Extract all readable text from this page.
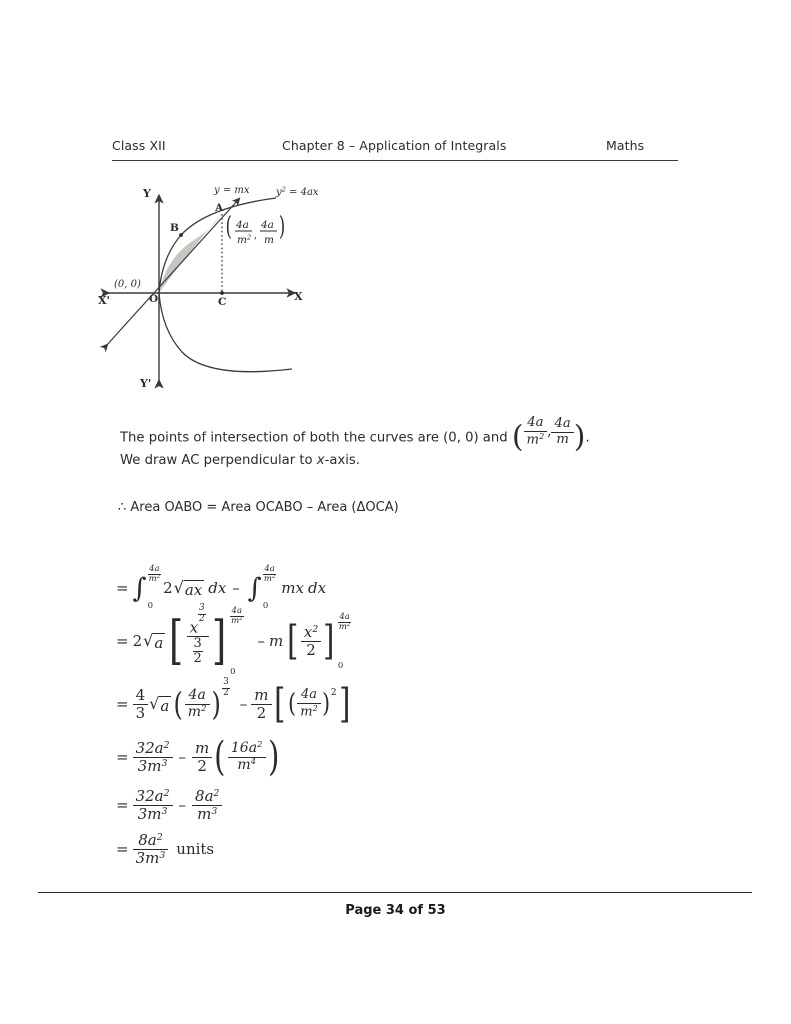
Class XII	Chapter 8 – Application of Integrals	Maths
Y
Y'
X
X'	O
(0, 0)
A
B
C
y = mx	$y^2 = 4ax$
( 4a
$m^2$ ,
4a
m )
The points of intersection of both the curves are (0, 0) and ( $\frac{4a}{m^2}$ , $\frac{4a}{m}$ ).
We draw AC perpendicular to x-axis.
∴ Area OABO = Area OCABO – Area (ΔOCA)
= ∫ $\frac{4a}{m^2}$
0
2 √ ax dx – ∫ $\frac{4a}{m^2}$
0
mx dx
= 2 √ a [ x
$\frac{3}{2}$
$\frac{3}{2}$ ] $\frac{4a}{m^2}$
0
– m [ $\frac{x^2}{2}$ ] $\frac{4a}{m^2}$
0
= $\frac{4}{3}$ √ a ( $\frac{4a}{m^2}$ ) $\frac{3}{2}$
– $\frac{m}{2}$ [ ( $\frac{4a}{m^2}$ ) 2 ]
= $\frac{32a^2}{3m^3} - \frac{m}{2}$ ( $\frac{16a^2}{m^4}$ )
= $\frac{32a^2}{3m^3} - \frac{8a^2}{m^3}$
= $\frac{8a^2}{3m^3}$ units
Page 34 of 53
